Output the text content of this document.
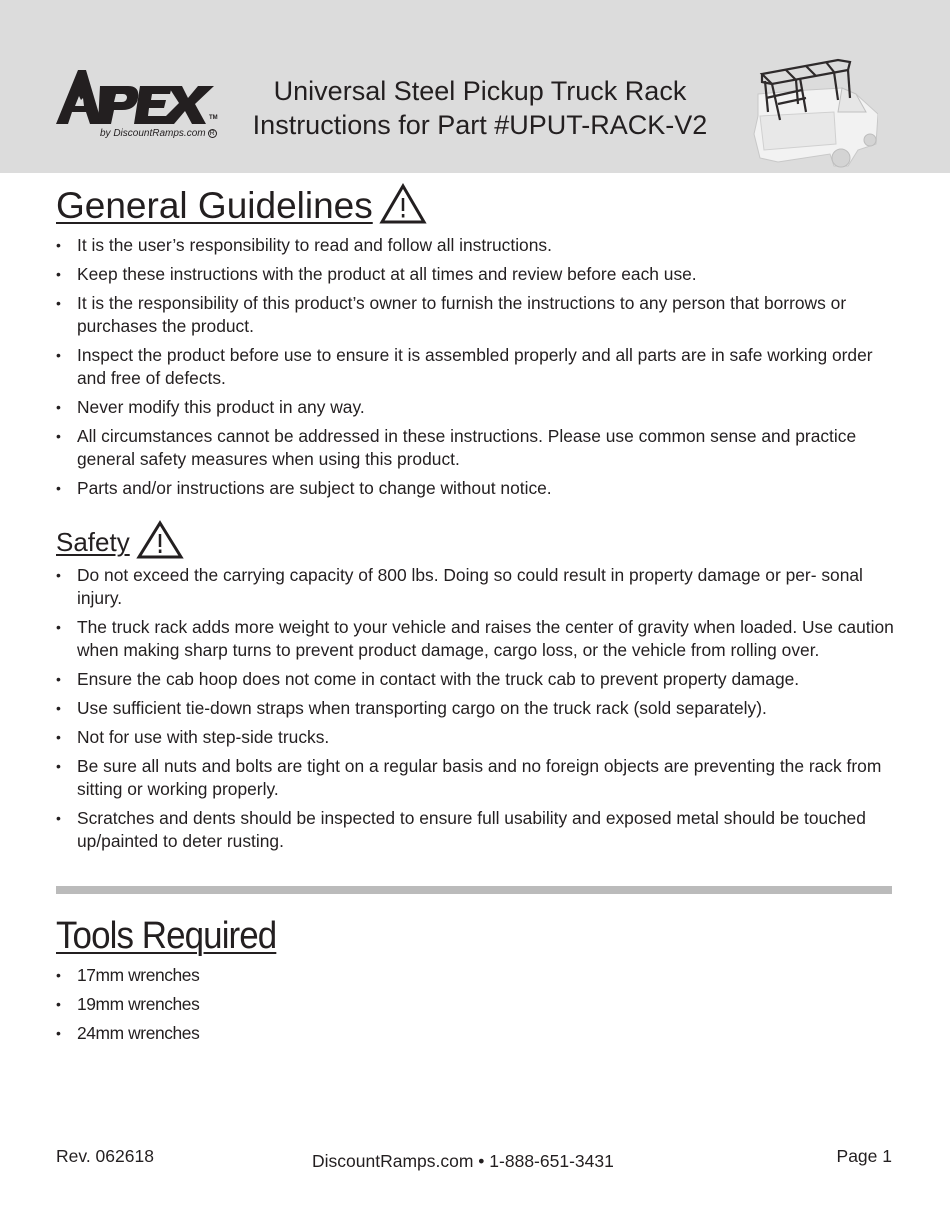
TM
by DiscountRamps.com R
Universal Steel Pickup Truck Rack
Instructions for Part #UPUT-RACK-V2
General Guidelines
• It is the user’s responsibility to read and follow all instructions.
• Keep these instructions with the product at all times and review before each use.
• It is the responsibility of this product’s owner to furnish the instructions to any person that borrows or purchases the product.
• Inspect the product before use to ensure it is assembled properly and all parts are in safe working order and free of defects.
• Never modify this product in any way.
• All circumstances cannot be addressed in these instructions. Please use common sense and practice general safety measures when using this product.
• Parts and/or instructions are subject to change without notice.
Safety
• Do not exceed the carrying capacity of 800 lbs. Doing so could result in property damage or per- sonal injury.
• The truck rack adds more weight to your vehicle and raises the center of gravity when loaded. Use caution when making sharp turns to prevent product damage, cargo loss, or the vehicle from rolling over.
• Ensure the cab hoop does not come in contact with the truck cab to prevent property damage.
• Use sufficient tie-down straps when transporting cargo on the truck rack (sold separately).
• Not for use with step-side trucks.
• Be sure all nuts and bolts are tight on a regular basis and no foreign objects are preventing the rack from sitting or working properly.
• Scratches and dents should be inspected to ensure full usability and exposed metal should be touched up/painted to deter rusting.
Tools Required
• 17mm wrenches
• 19mm wrenches
• 24mm wrenches
Rev. 062618	DiscountRamps.com • 1-888-651-3431	Page 1
